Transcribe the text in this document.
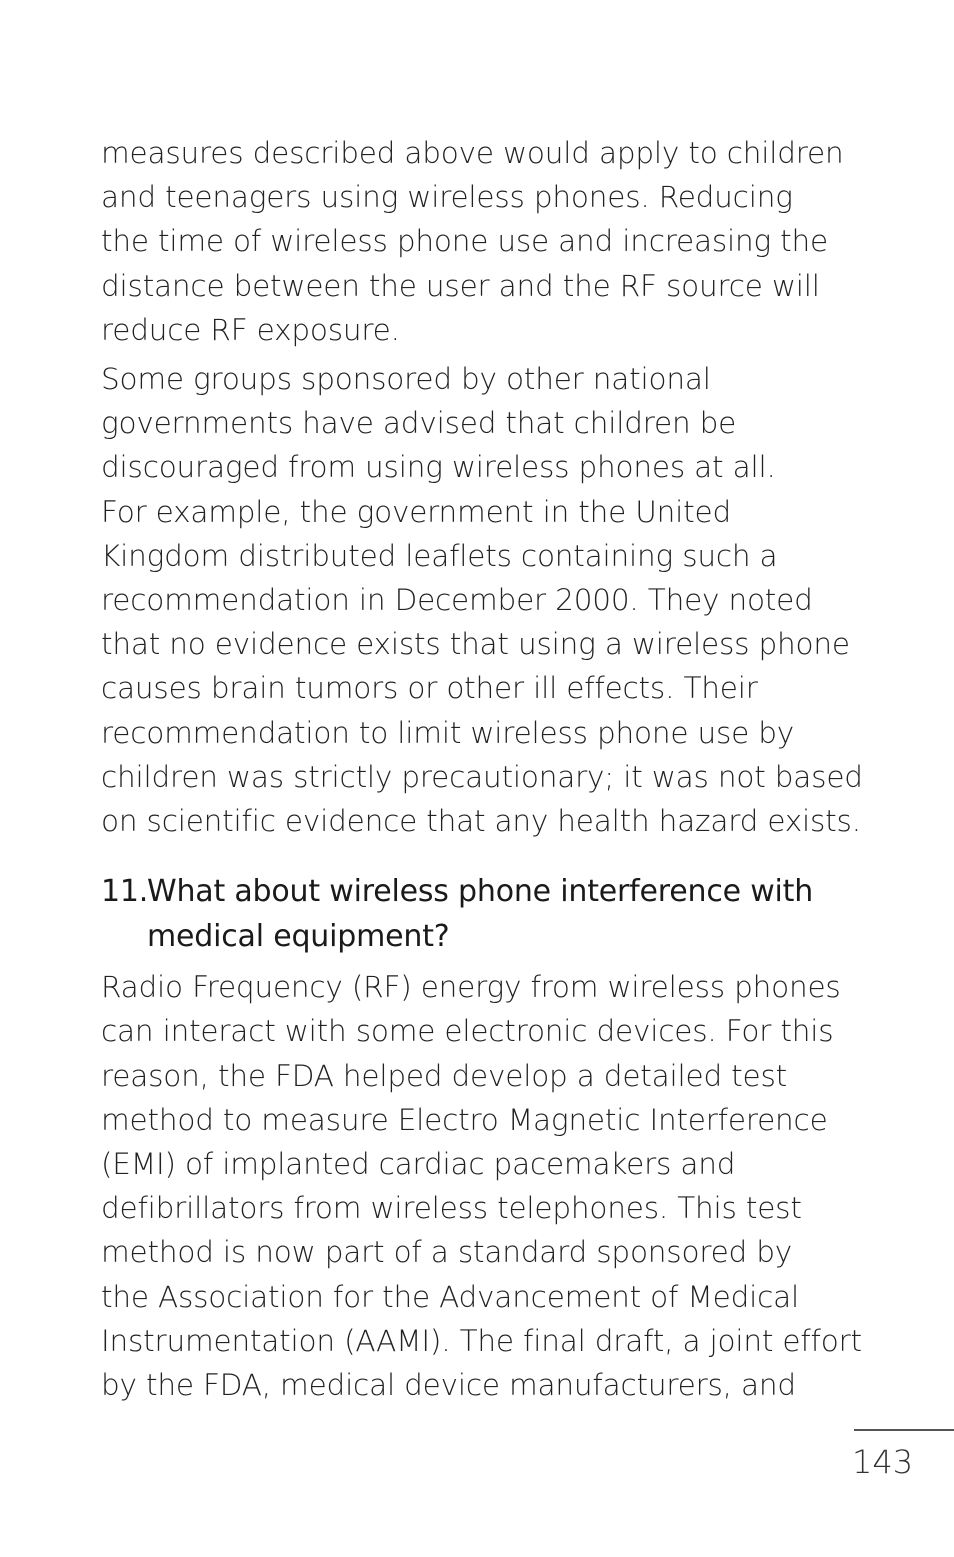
measures described above would apply to children
and teenagers using wireless phones. Reducing
the time of wireless phone use and increasing the
distance between the user and the RF source will
reduce RF exposure.

Some groups sponsored by other national
governments have advised that children be
discouraged from using wireless phones at all.
For example, the government in the United
Kingdom distributed leaflets containing such a
recommendation in December 2000. They noted
that no evidence exists that using a wireless phone
causes brain tumors or other ill effects. Their
recommendation to limit wireless phone use by
children was strictly precautionary; it was not based
on scientific evidence that any health hazard exists.

11.
What about wireless phone interference with
medical equipment?

Radio Frequency (RF) energy from wireless phones
can interact with some electronic devices. For this
reason, the FDA helped develop a detailed test
method to measure Electro Magnetic Interference
(EMI) of implanted cardiac pacemakers and
defibrillators from wireless telephones. This test
method is now part of a standard sponsored by
the Association for the Advancement of Medical
Instrumentation (AAMI). The final draft, a joint effort
by the FDA, medical device manufacturers, and

143
